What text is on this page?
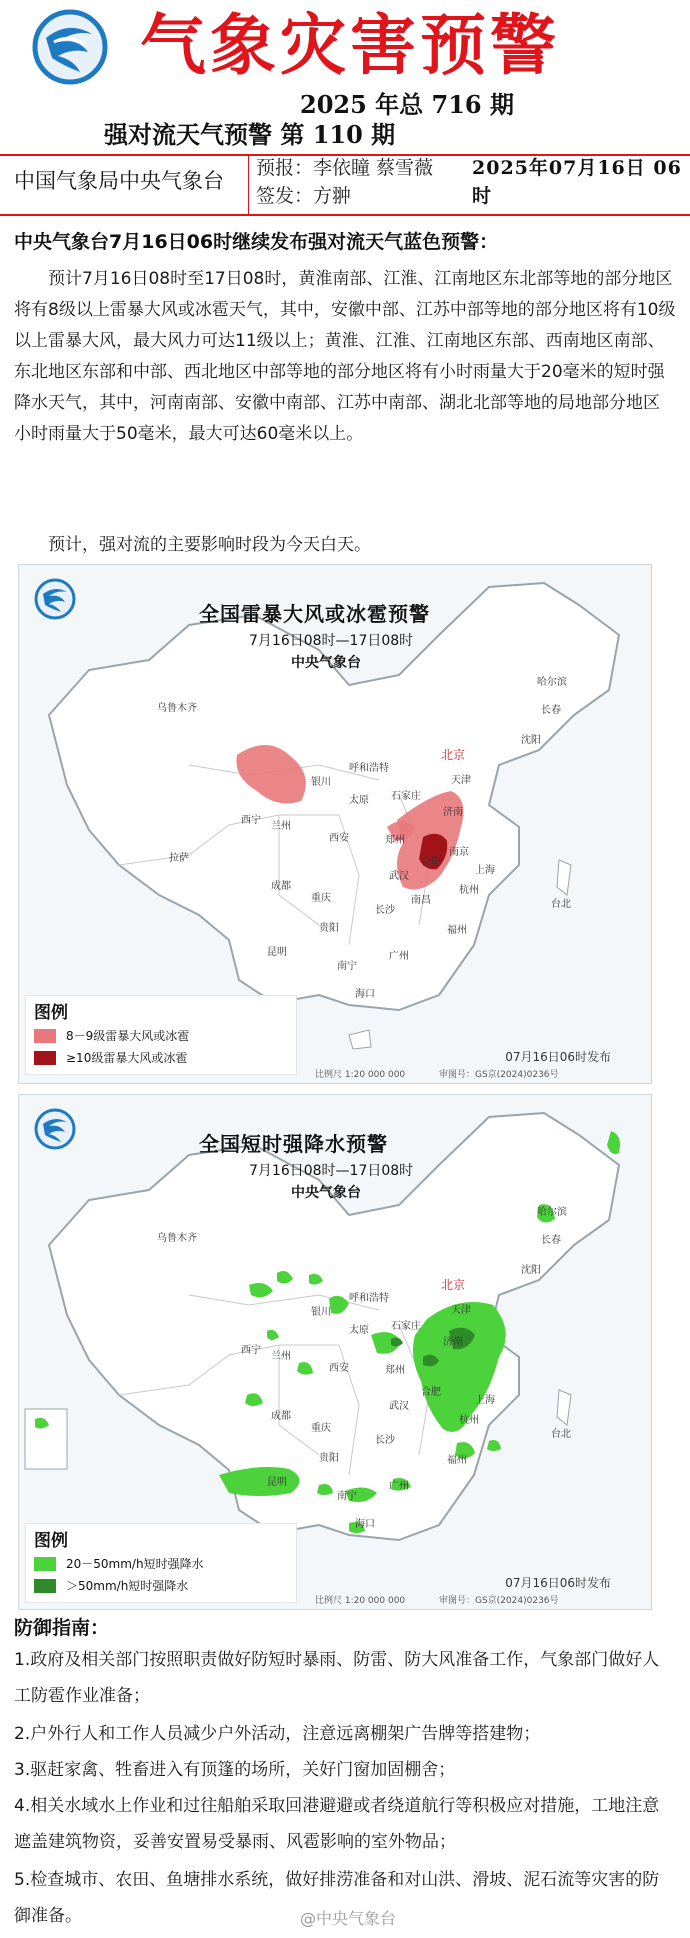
气象灾害预警
2025 年总 716 期
强对流天气预警 第 110 期
中国气象局中央气象台
预报：李依瞳 蔡雪薇
签发：方翀
2025年07月16日 06时
中央气象台7月16日06时继续发布强对流天气蓝色预警：
预计7月16日08时至17日08时，黄淮南部、江淮、江南地区东北部等地的部分地区将有8级以上雷暴大风或冰雹天气，其中，安徽中部、江苏中部等地的部分地区将有10级以上雷暴大风，最大风力可达11级以上；黄淮、江淮、江南地区东部、西南地区南部、东北地区东部和中部、西北地区中部等地的部分地区将有小时雨量大于20毫米的短时强降水天气，其中，河南南部、安徽中南部、江苏中南部、湖北北部等地的局地部分地区小时雨量大于50毫米，最大可达60毫米以上。
预计，强对流的主要影响时段为今天白天。
全国雷暴大风或冰雹预警
7月16日08时—17日08时
中央气象台
乌鲁木齐
哈尔滨
长春
沈阳
北京
天津
呼和浩特
银川
太原 石家庄
济南
西宁
兰州
西安	郑州
合肥
南京
上海
武汉
杭州
成都
重庆
长沙
南昌
福州
贵阳
昆明
南宁
广州
海口
拉萨
台北
图例
8－9级雷暴大风或冰雹
≥10级雷暴大风或冰雹	07月16日06时发布
比例尺 1:20 000 000	审图号：GS京(2024)0236号
全国短时强降水预警
7月16日08时—17日08时
中央气象台
乌鲁木齐
哈尔滨
长春
沈阳
北京
天津
呼和浩特
银川
太原 石家庄
济南
西宁
兰州
西安	郑州
合肥
上海
武汉
杭州
成都
重庆
长沙
福州
贵阳
昆明
南宁
广州
海口
台北
图例
20－50mm/h短时强降水
＞50mm/h短时强降水	07月16日06时发布
比例尺 1:20 000 000	审图号：GS京(2024)0236号
防御指南：
1.政府及相关部门按照职责做好防短时暴雨、防雷、防大风准备工作，气象部门做好人工防雹作业准备；
2.户外行人和工作人员减少户外活动，注意远离棚架广告牌等搭建物；
3.驱赶家禽、牲畜进入有顶篷的场所，关好门窗加固棚舍；
4.相关水域水上作业和过往船舶采取回港避避或者绕道航行等积极应对措施，工地注意遮盖建筑物资，妥善安置易受暴雨、风雹影响的室外物品；
5.检查城市、农田、鱼塘排水系统，做好排涝准备和对山洪、滑坡、泥石流等灾害的防御准备。	@中央气象台
